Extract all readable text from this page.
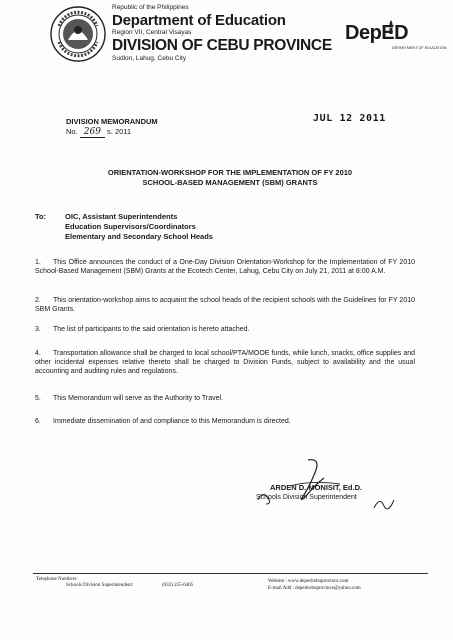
Republic of the Philippines
Department of Education
Region VII, Central Visayas
DIVISION OF CEBU PROVINCE
Sudlon, Lahug, Cebu City
DepED
DEPARTMENT OF EDUCATION
DIVISION MEMORANDUM
No. 269 s. 2011
JUL 12 2011
ORIENTATION-WORKSHOP FOR THE IMPLEMENTATION OF FY 2010
SCHOOL-BASED MANAGEMENT (SBM) GRANTS
To:	OIC, Assistant Superintendents
Education Supervisors/Coordinators
Elementary and Secondary School Heads
1. This Office announces the conduct of a One-Day Division Orientation-Workshop for the Implementation of FY 2010 School-Based Management (SBM) Grants at the Ecotech Center, Lahug, Cebu City on July 21, 2011 at 8:00 A.M.
2. This orientation-workshop aims to acquaint the school heads of the recipient schools with the Guidelines for FY 2010 SBM Grants.
3. The list of participants to the said orientation is hereto attached.
4. Transportation allowance shall be charged to local school/PTA/MOOE funds, while lunch, snacks, office supplies and other incidental expenses relative thereto shall be charged to Division Funds, subject to availability and the usual accounting and auditing rules and regulations.
5. This Memorandum will serve as the Authority to Travel.
6. Immediate dissemination of and compliance to this Memorandum is directed.
ARDEN D. MONISIT, Ed.D.
Schools Division Superintendent
Telephone Numbers:
Schools Division Superintendent:	(032) 255-6405
Website : www.depedcebuprovince.com
E-mail Add : depedcebuprovince@yahoo.com
